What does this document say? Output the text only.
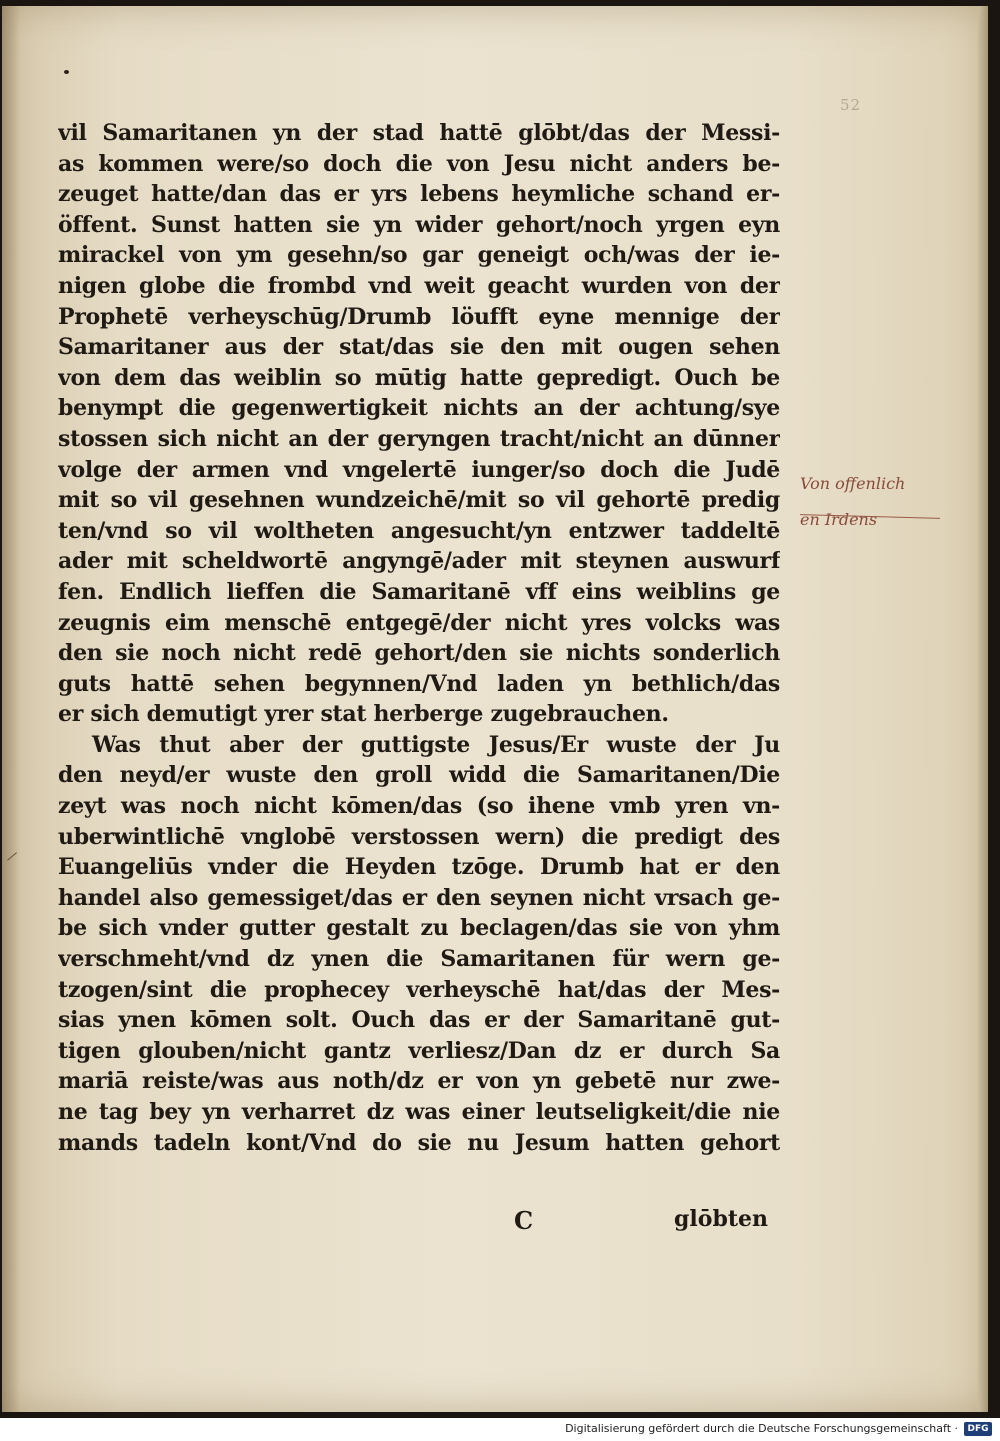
52
vil Samaritanen yn der stad hattē glōbt/das der Messi-
as kommen were/so doch die von Jesu nicht anders be-
zeuget hatte/dan das er yrs lebens heymliche schand er-
öffent. Sunst hatten sie yn wider gehort/noch yrgen eyn
mirackel von ym gesehn/so gar geneigt och/was der ie-
nigen globe die frombd vnd weit geacht wurden von der
Prophetē verheyschūg/Drumb löufft eyne mennige der
Samaritaner aus der stat/das sie den mit ougen sehen
von dem das weiblin so mūtig hatte gepredigt. Ouch be
benympt die gegenwertigkeit nichts an der achtung/sye
stossen sich nicht an der geryngen tracht/nicht an dūnner
volge der armen vnd vngelertē iunger/so doch die Judē
mit so vil gesehnen wundzeichē/mit so vil gehortē predig
ten/vnd so vil woltheten angesucht/yn entzwer taddeltē
ader mit scheldwortē angyngē/ader mit steynen auswurf
fen. Endlich lieffen die Samaritanē vff eins weiblins ge
zeugnis eim menschē entgegē/der nicht yres volcks was
den sie noch nicht redē gehort/den sie nichts sonderlich
guts hattē sehen begynnen/Vnd laden yn bethlich/das
er sich demutigt yrer stat herberge zugebrauchen.
Was thut aber der guttigste Jesus/Er wuste der Ju
den neyd/er wuste den groll widd die Samaritanen/Die
zeyt was noch nicht kōmen/das (so ihene vmb yren vn-
uberwintlichē vnglobē verstossen wern) die predigt des
Euangeliūs vnder die Heyden tzōge. Drumb hat er den
handel also gemessiget/das er den seynen nicht vrsach ge-
be sich vnder gutter gestalt zu beclagen/das sie von yhm
verschmeht/vnd dz ynen die Samaritanen für wern ge-
tzogen/sint die prophecey verheyschē hat/das der Mes-
sias ynen kōmen solt. Ouch das er der Samaritanē gut-
tigen glouben/nicht gantz verliesz/Dan dz er durch Sa
mariā reiste/was aus noth/dz er von yn gebetē nur zwe-
ne tag bey yn verharret dz was einer leutseligkeit/die nie
mands tadeln kont/Vnd do sie nu Jesum hatten gehort
Von offenlich
en Irdens
C	glōbten
Digitalisierung gefördert durch die Deutsche Forschungsgemeinschaft ·	DFG
